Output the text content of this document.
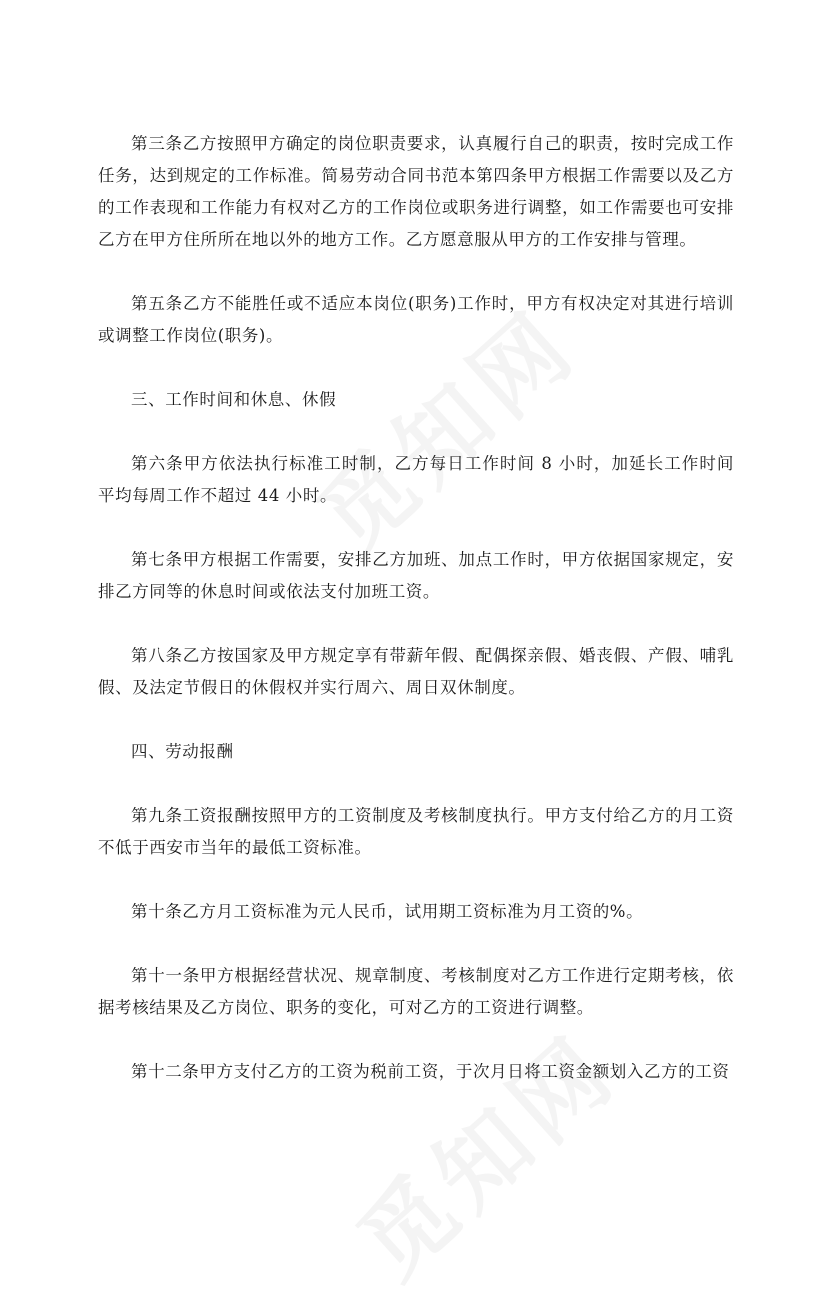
第三条乙方按照甲方确定的岗位职责要求，认真履行自己的职责，按时完成工作任务，达到规定的工作标准。简易劳动合同书范本第四条甲方根据工作需要以及乙方的工作表现和工作能力有权对乙方的工作岗位或职务进行调整，如工作需要也可安排乙方在甲方住所所在地以外的地方工作。乙方愿意服从甲方的工作安排与管理。

第五条乙方不能胜任或不适应本岗位(职务)工作时，甲方有权决定对其进行培训或调整工作岗位(职务)。

三、工作时间和休息、休假

第六条甲方依法执行标准工时制，乙方每日工作时间 8 小时，加延长工作时间平均每周工作不超过 44 小时。

第七条甲方根据工作需要，安排乙方加班、加点工作时，甲方依据国家规定，安排乙方同等的休息时间或依法支付加班工资。

第八条乙方按国家及甲方规定享有带薪年假、配偶探亲假、婚丧假、产假、哺乳假、及法定节假日的休假权并实行周六、周日双休制度。

四、劳动报酬

第九条工资报酬按照甲方的工资制度及考核制度执行。甲方支付给乙方的月工资不低于西安市当年的最低工资标准。

第十条乙方月工资标准为元人民币，试用期工资标准为月工资的%。

第十一条甲方根据经营状况、规章制度、考核制度对乙方工作进行定期考核，依据考核结果及乙方岗位、职务的变化，可对乙方的工资进行调整。

第十二条甲方支付乙方的工资为税前工资，于次月日将工资金额划入乙方的工资
